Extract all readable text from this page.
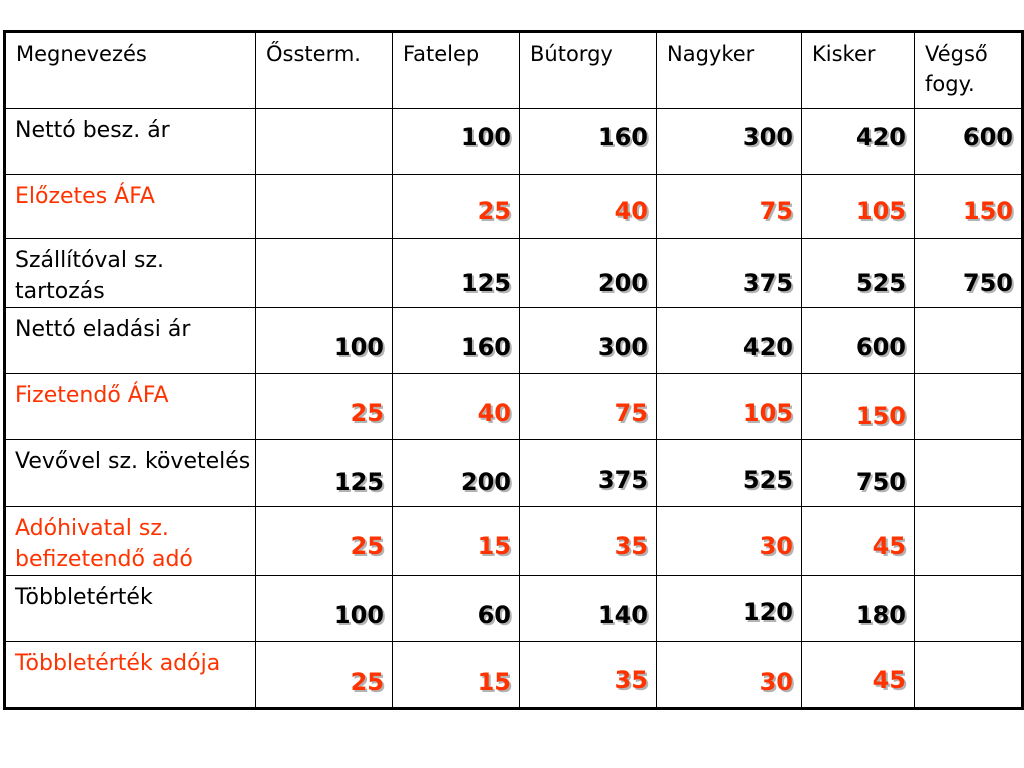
Megnevezés	Őssterm.	Fatelep	Bútorgy	Nagyker	Kisker	Végső fogy.
Nettó besz. ár		100	160	300	420	600

Előzetes ÁFA		25	40	75	105	150

Szállítóval sz. tartozás		125	200	375	525	750

Nettó eladási ár	100	160	300	420	600	

Fizetendő ÁFA	25	40	75	105	150	

Vevővel sz. követelés	125	200	375	525	750	

Adóhivatal sz. befizetendő adó	25	15	35	30	45	

Többletérték	100	60	140	120	180	

Többletérték adója	25	15	35	30	45	
